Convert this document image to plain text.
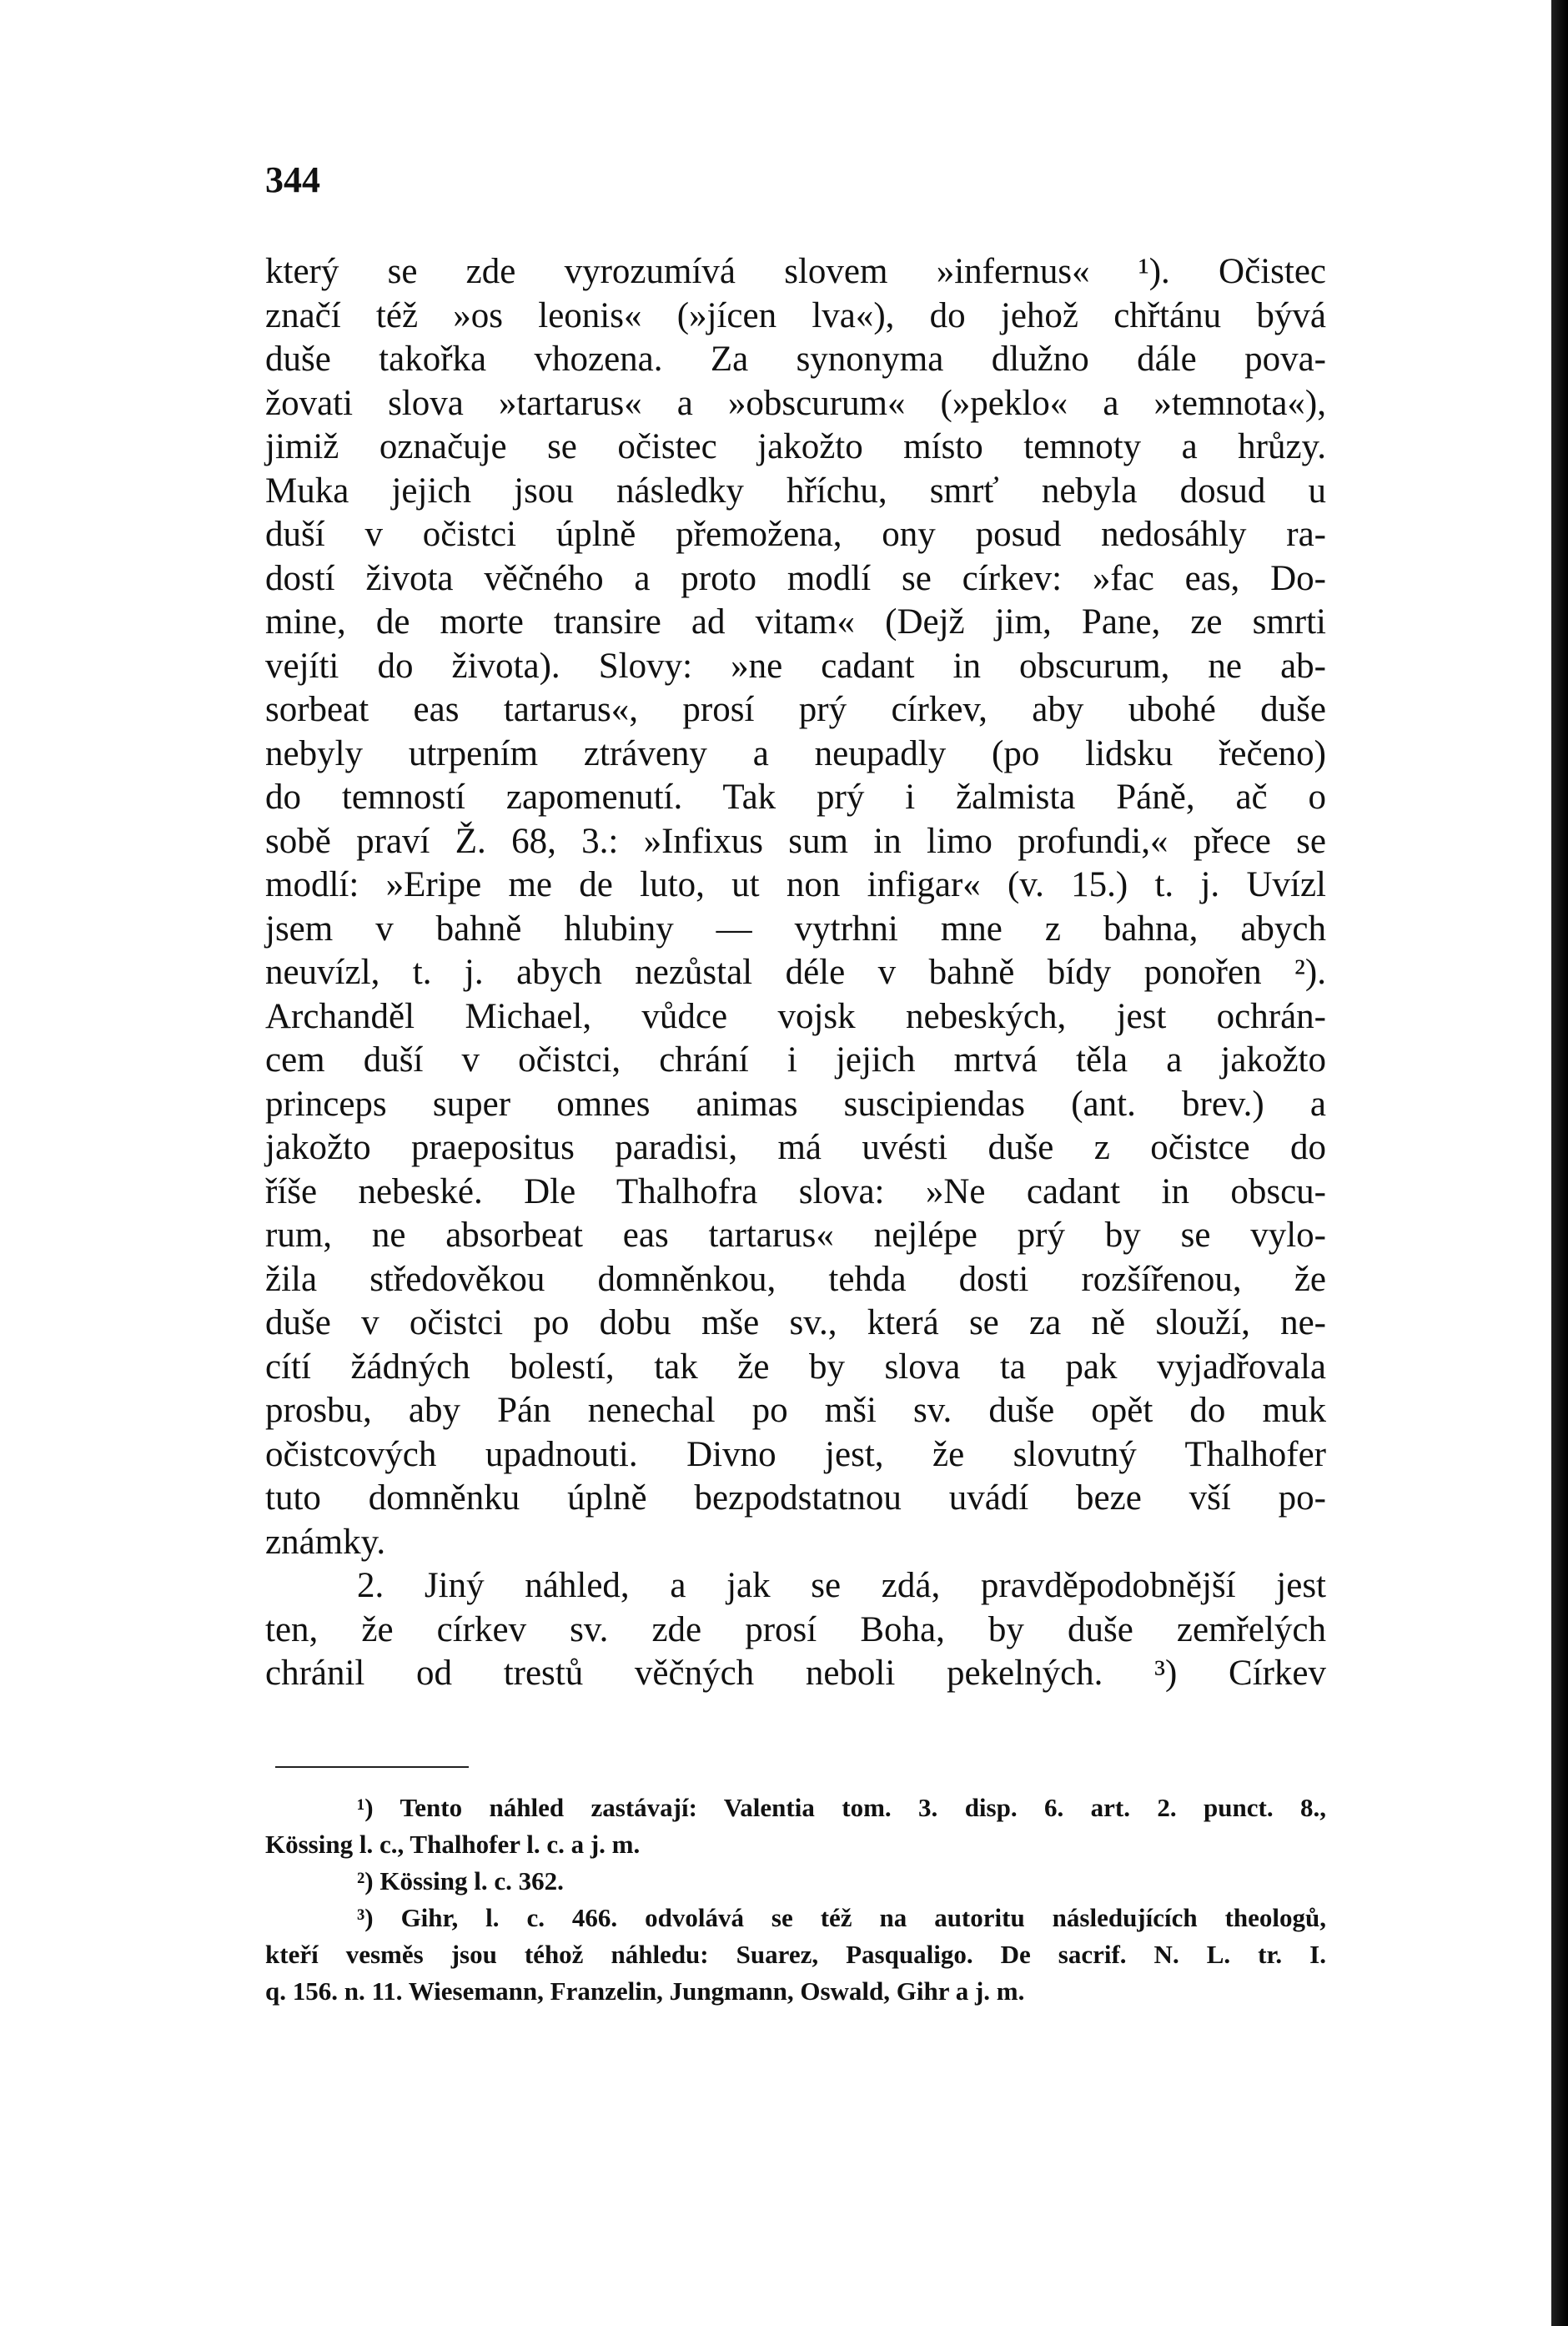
344
který se zde vyrozumívá slovem »infernus« ¹). Očistec
značí též »os leonis« (»jícen lva«), do jehož chřtánu bývá
duše takořka vhozena. Za synonyma dlužno dále pova-
žovati slova »tartarus« a »obscurum« (»peklo« a »temnota«),
jimiž označuje se očistec jakožto místo temnoty a hrůzy.
Muka jejich jsou následky hříchu, smrť nebyla dosud u
duší v očistci úplně přemožena, ony posud nedosáhly ra-
dostí života věčného a proto modlí se církev: »fac eas, Do-
mine, de morte transire ad vitam« (Dejž jim, Pane, ze smrti
vejíti do života). Slovy: »ne cadant in obscurum, ne ab-
sorbeat eas tartarus«, prosí prý církev, aby ubohé duše
nebyly utrpením ztráveny a neupadly (po lidsku řečeno)
do temností zapomenutí. Tak prý i žalmista Páně, ač o
sobě praví Ž. 68, 3.: »Infixus sum in limo profundi,« přece se
modlí: »Eripe me de luto, ut non infigar« (v. 15.) t. j. Uvízl
jsem v bahně hlubiny — vytrhni mne z bahna, abych
neuvízl, t. j. abych nezůstal déle v bahně bídy ponořen ²).
Archanděl Michael, vůdce vojsk nebeských, jest ochrán-
cem duší v očistci, chrání i jejich mrtvá těla a jakožto
princeps super omnes animas suscipiendas (ant. brev.) a
jakožto praepositus paradisi, má uvésti duše z očistce do
říše nebeské. Dle Thalhofra slova: »Ne cadant in obscu-
rum, ne absorbeat eas tartarus« nejlépe prý by se vylo-
žila středověkou domněnkou, tehda dosti rozšířenou, že
duše v očistci po dobu mše sv., která se za ně slouží, ne-
cítí žádných bolestí, tak že by slova ta pak vyjadřovala
prosbu, aby Pán nenechal po mši sv. duše opět do muk
očistcových upadnouti. Divno jest, že slovutný Thalhofer
tuto domněnku úplně bezpodstatnou uvádí beze vší po-
známky.
2. Jiný náhled, a jak se zdá, pravděpodobnější jest
ten, že církev sv. zde prosí Boha, by duše zemřelých
chránil od trestů věčných neboli pekelných. ³) Církev
¹) Tento náhled zastávají: Valentia tom. 3. disp. 6. art. 2. punct. 8.,
Kössing l. c., Thalhofer l. c. a j. m.
²) Kössing l. c. 362.
³) Gihr, l. c. 466. odvolává se též na autoritu následujících theologů,
kteří vesměs jsou téhož náhledu: Suarez, Pasqualigo. De sacrif. N. L. tr. I.
q. 156. n. 11. Wiesemann, Franzelin, Jungmann, Oswald, Gihr a j. m.
